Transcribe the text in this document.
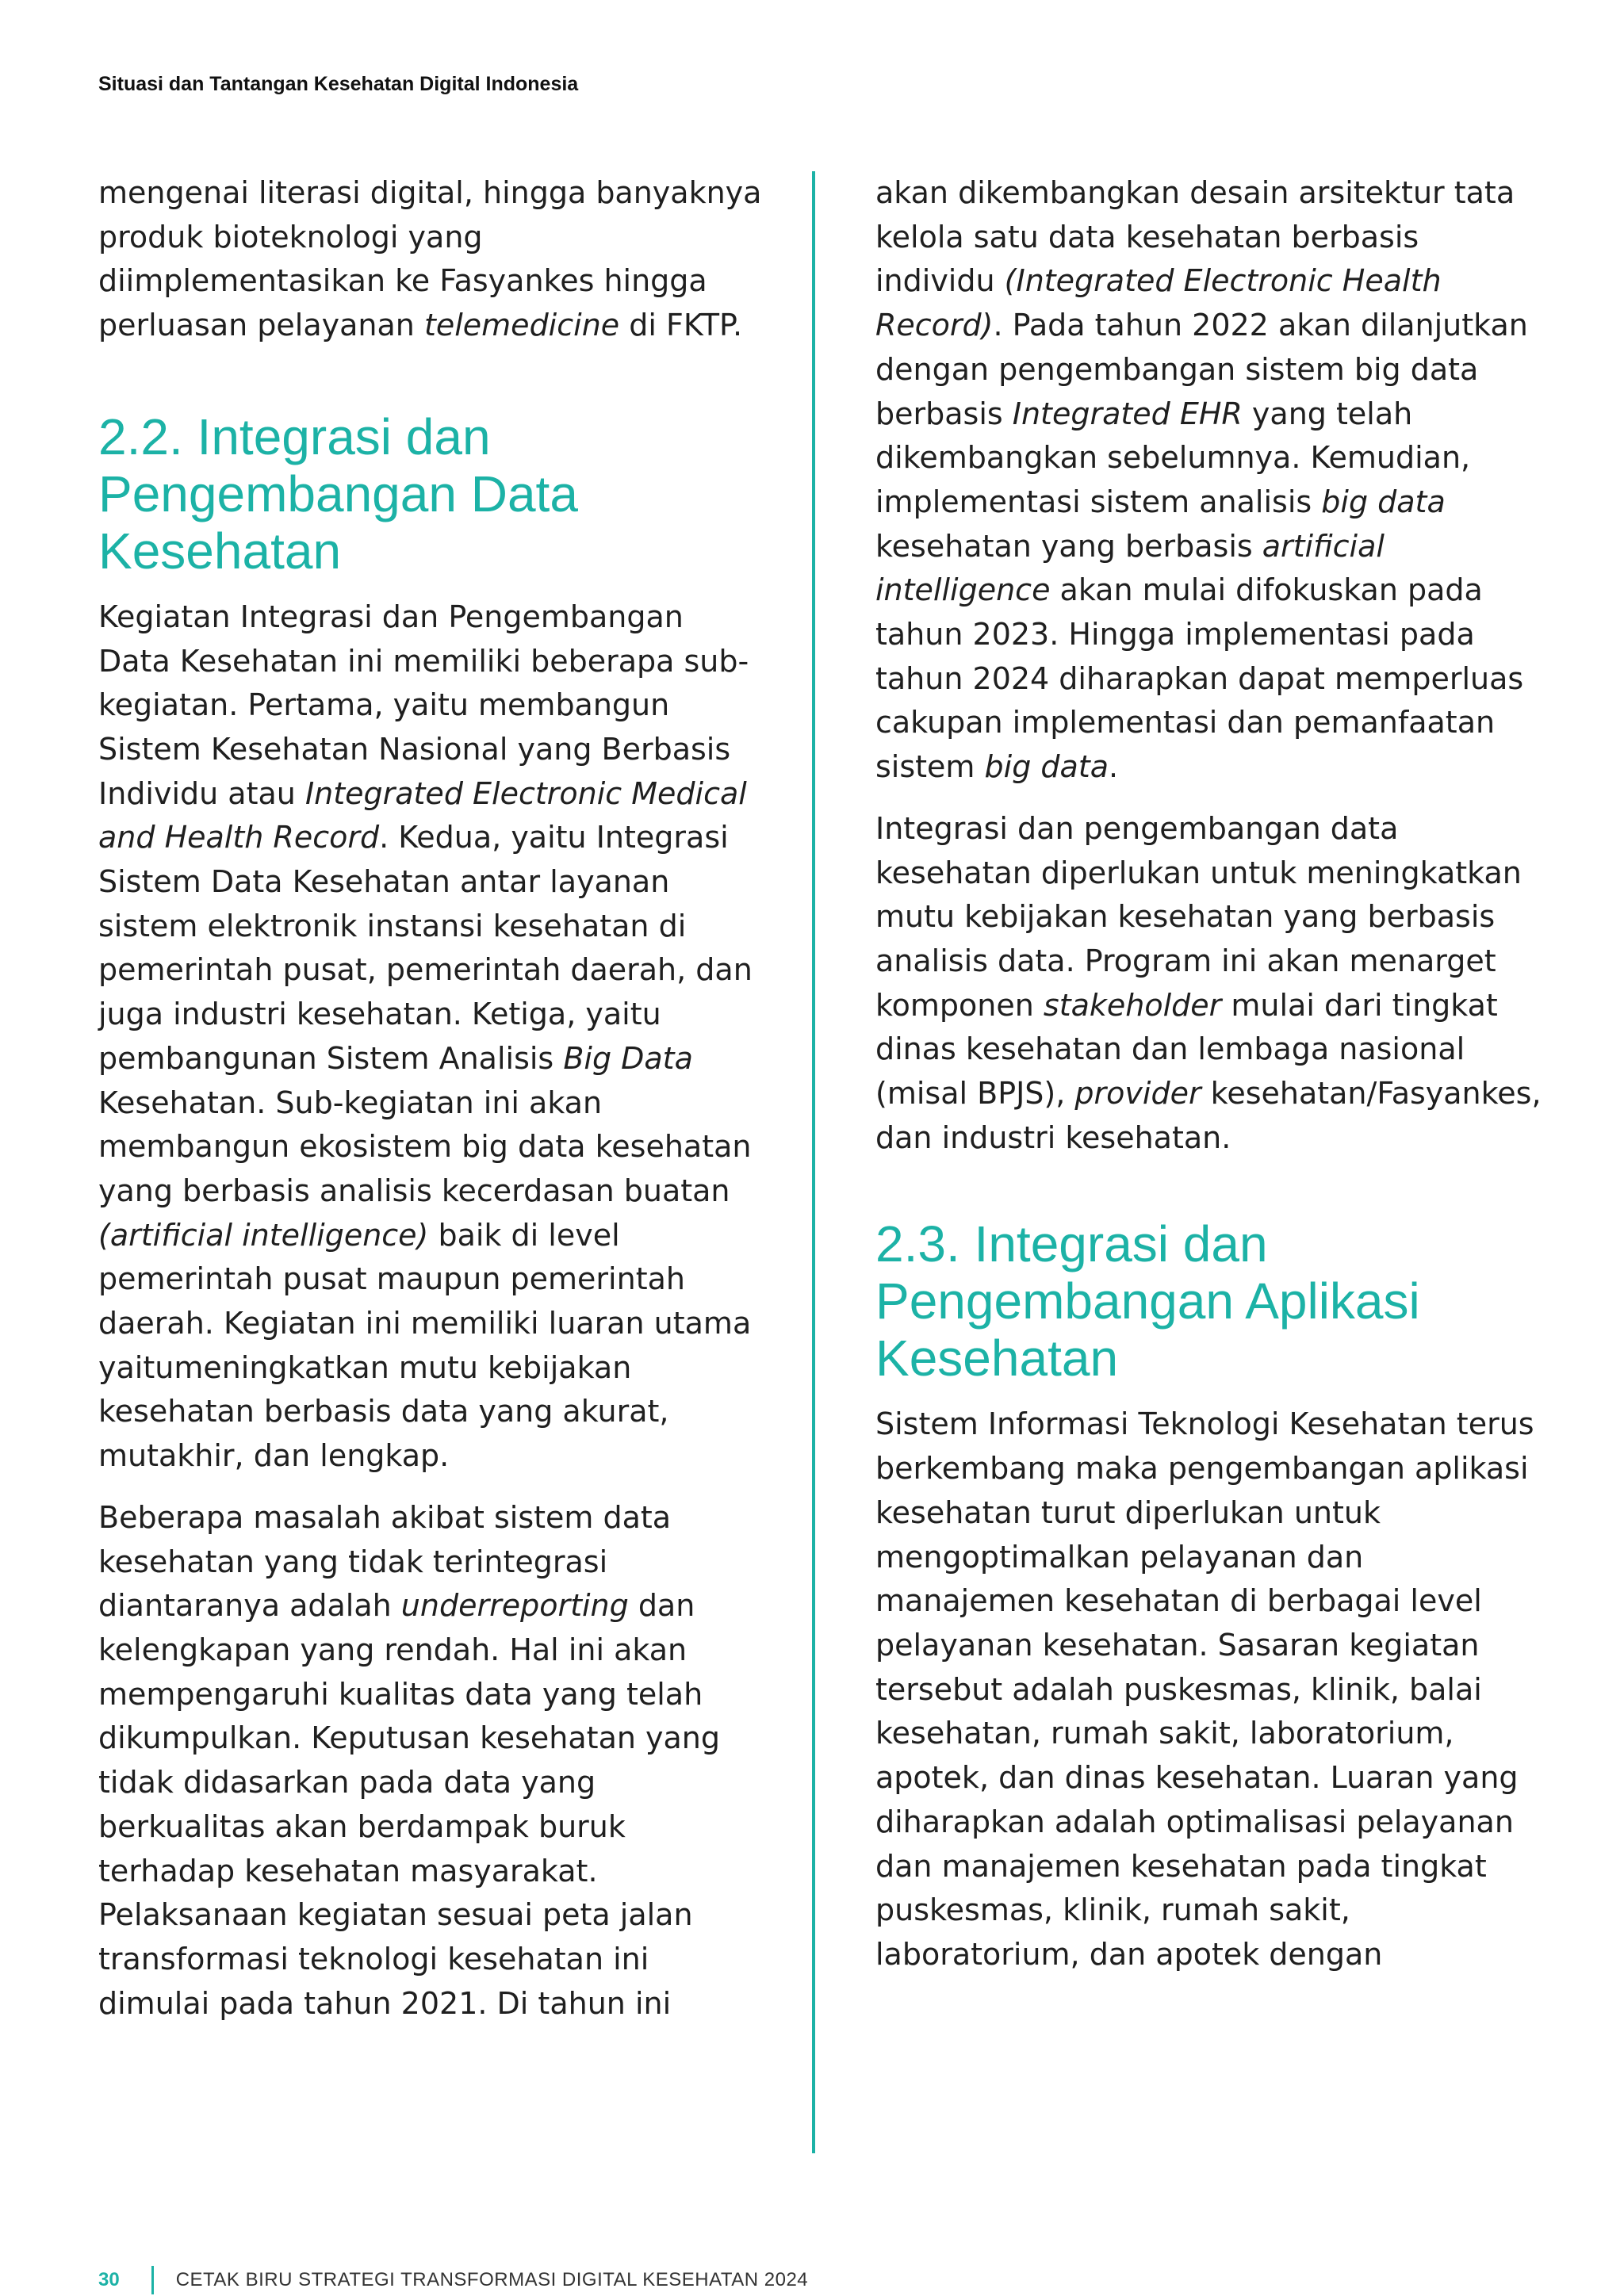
Situasi dan Tantangan Kesehatan Digital Indonesia

mengenai literasi digital, hingga banyaknya produk bioteknologi yang diimplementasikan ke Fasyankes hingga perluasan pelayanan telemedicine di FKTP.

2.2. Integrasi dan Pengembangan Data Kesehatan

Kegiatan Integrasi dan Pengembangan Data Kesehatan ini memiliki beberapa sub-kegiatan. Pertama, yaitu membangun Sistem Kesehatan Nasional yang Berbasis Individu atau Integrated Electronic Medical and Health Record. Kedua, yaitu Integrasi Sistem Data Kesehatan antar layanan sistem elektronik instansi kesehatan di pemerintah pusat, pemerintah daerah, dan juga industri kesehatan. Ketiga, yaitu pembangunan Sistem Analisis Big Data Kesehatan. Sub-kegiatan ini akan membangun ekosistem big data kesehatan yang berbasis analisis kecerdasan buatan (artificial intelligence) baik di level pemerintah pusat maupun pemerintah daerah. Kegiatan ini memiliki luaran utama yaitumeningkatkan mutu kebijakan kesehatan berbasis data yang akurat, mutakhir, dan lengkap.

Beberapa masalah akibat sistem data kesehatan yang tidak terintegrasi diantaranya adalah underreporting dan kelengkapan yang rendah. Hal ini akan mempengaruhi kualitas data yang telah dikumpulkan. Keputusan kesehatan yang tidak didasarkan pada data yang berkualitas akan berdampak buruk terhadap kesehatan masyarakat. Pelaksanaan kegiatan sesuai peta jalan transformasi teknologi kesehatan ini dimulai pada tahun 2021. Di tahun ini

akan dikembangkan desain arsitektur tata kelola satu data kesehatan berbasis individu (Integrated Electronic Health Record). Pada tahun 2022 akan dilanjutkan dengan pengembangan sistem big data berbasis Integrated EHR yang telah dikembangkan sebelumnya. Kemudian, implementasi sistem analisis big data kesehatan yang berbasis artificial intelligence akan mulai difokuskan pada tahun 2023. Hingga implementasi pada tahun 2024 diharapkan dapat memperluas cakupan implementasi dan pemanfaatan sistem big data.

Integrasi dan pengembangan data kesehatan diperlukan untuk meningkatkan mutu kebijakan kesehatan yang berbasis analisis data. Program ini akan menarget komponen stakeholder mulai dari tingkat dinas kesehatan dan lembaga nasional (misal BPJS), provider kesehatan/Fasyankes, dan industri kesehatan.

2.3. Integrasi dan Pengembangan Aplikasi Kesehatan

Sistem Informasi Teknologi Kesehatan terus berkembang maka pengembangan aplikasi kesehatan turut diperlukan untuk mengoptimalkan pelayanan dan manajemen kesehatan di berbagai level pelayanan kesehatan. Sasaran kegiatan tersebut adalah puskesmas, klinik, balai kesehatan, rumah sakit, laboratorium, apotek, dan dinas kesehatan. Luaran yang diharapkan adalah optimalisasi pelayanan dan manajemen kesehatan pada tingkat puskesmas, klinik, rumah sakit, laboratorium, dan apotek dengan

30	CETAK BIRU STRATEGI TRANSFORMASI DIGITAL KESEHATAN 2024
